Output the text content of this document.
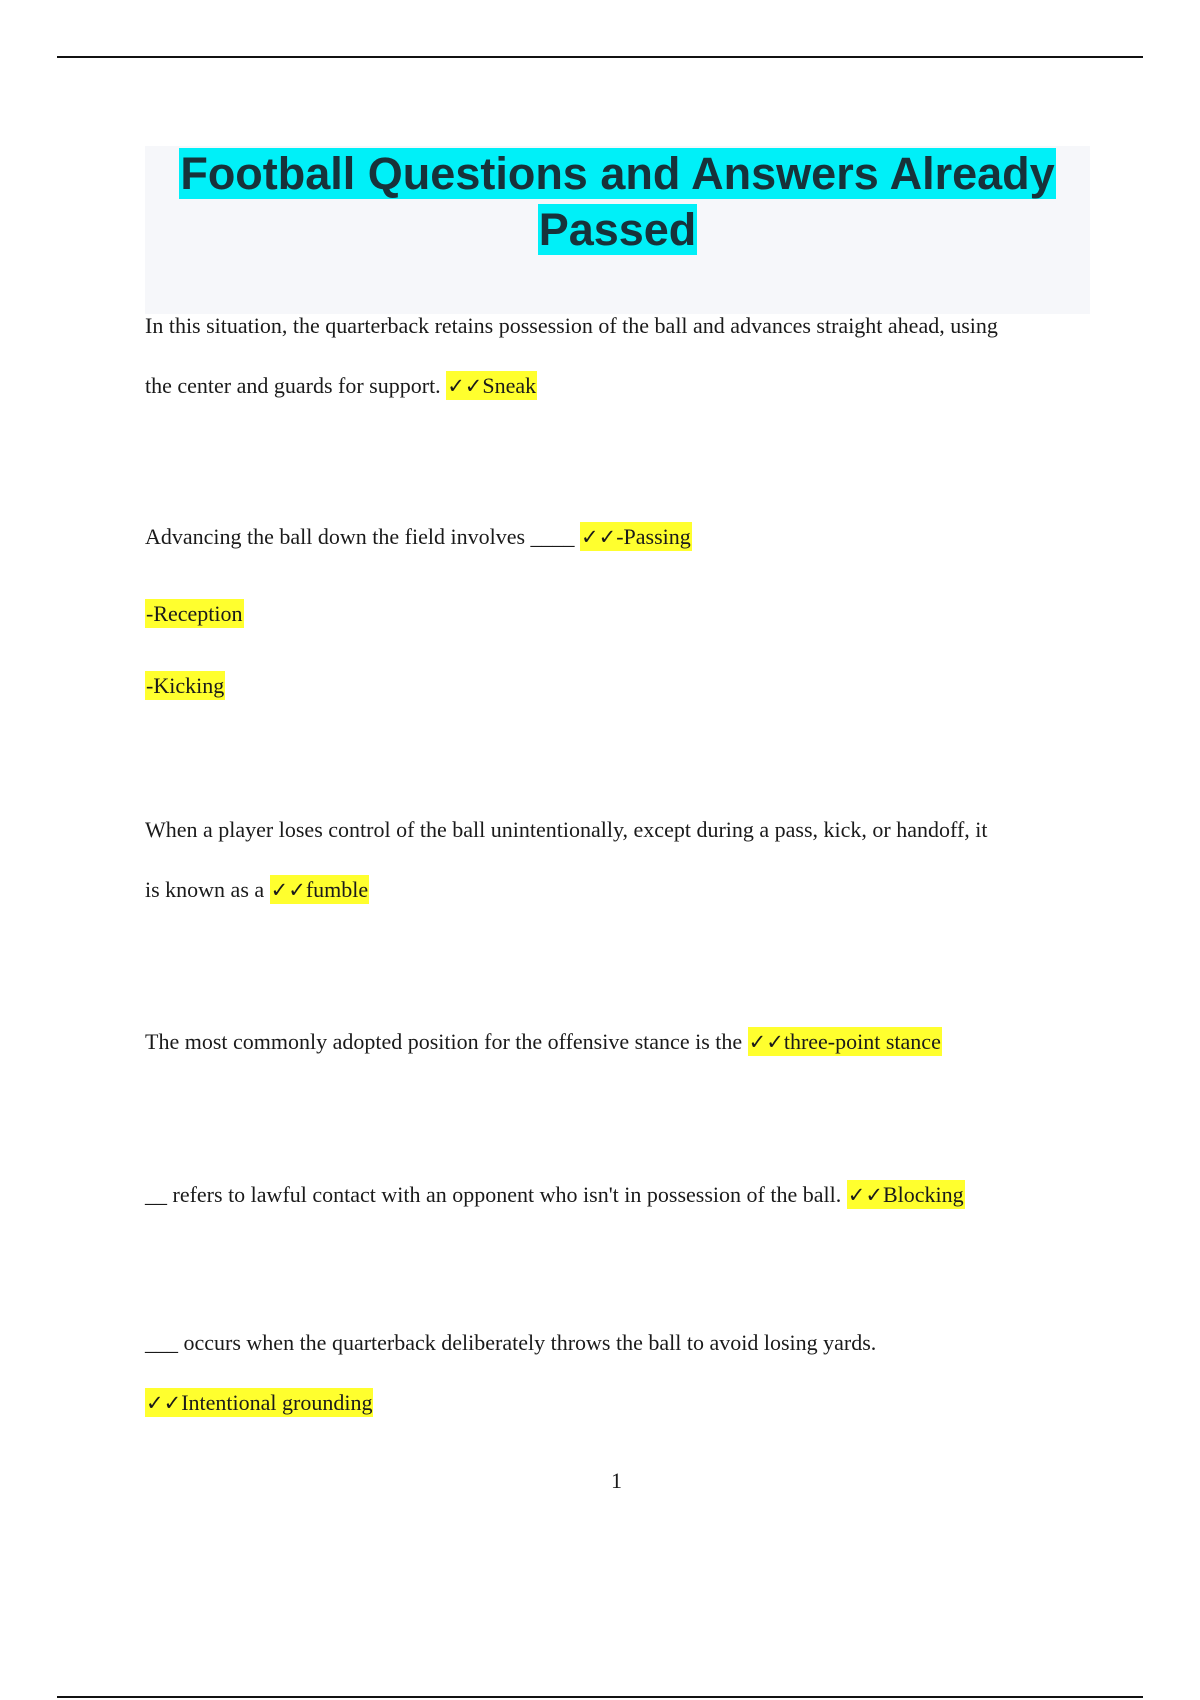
Football Questions and Answers Already
Passed

In this situation, the quarterback retains possession of the ball and advances straight ahead, using

the center and guards for support. ✓✓Sneak

Advancing the ball down the field involves ____ ✓✓-Passing

-Reception

-Kicking

When a player loses control of the ball unintentionally, except during a pass, kick, or handoff, it

is known as a ✓✓fumble

The most commonly adopted position for the offensive stance is the ✓✓three-point stance

__ refers to lawful contact with an opponent who isn't in possession of the ball. ✓✓Blocking

___ occurs when the quarterback deliberately throws the ball to avoid losing yards.

✓✓Intentional grounding

1
